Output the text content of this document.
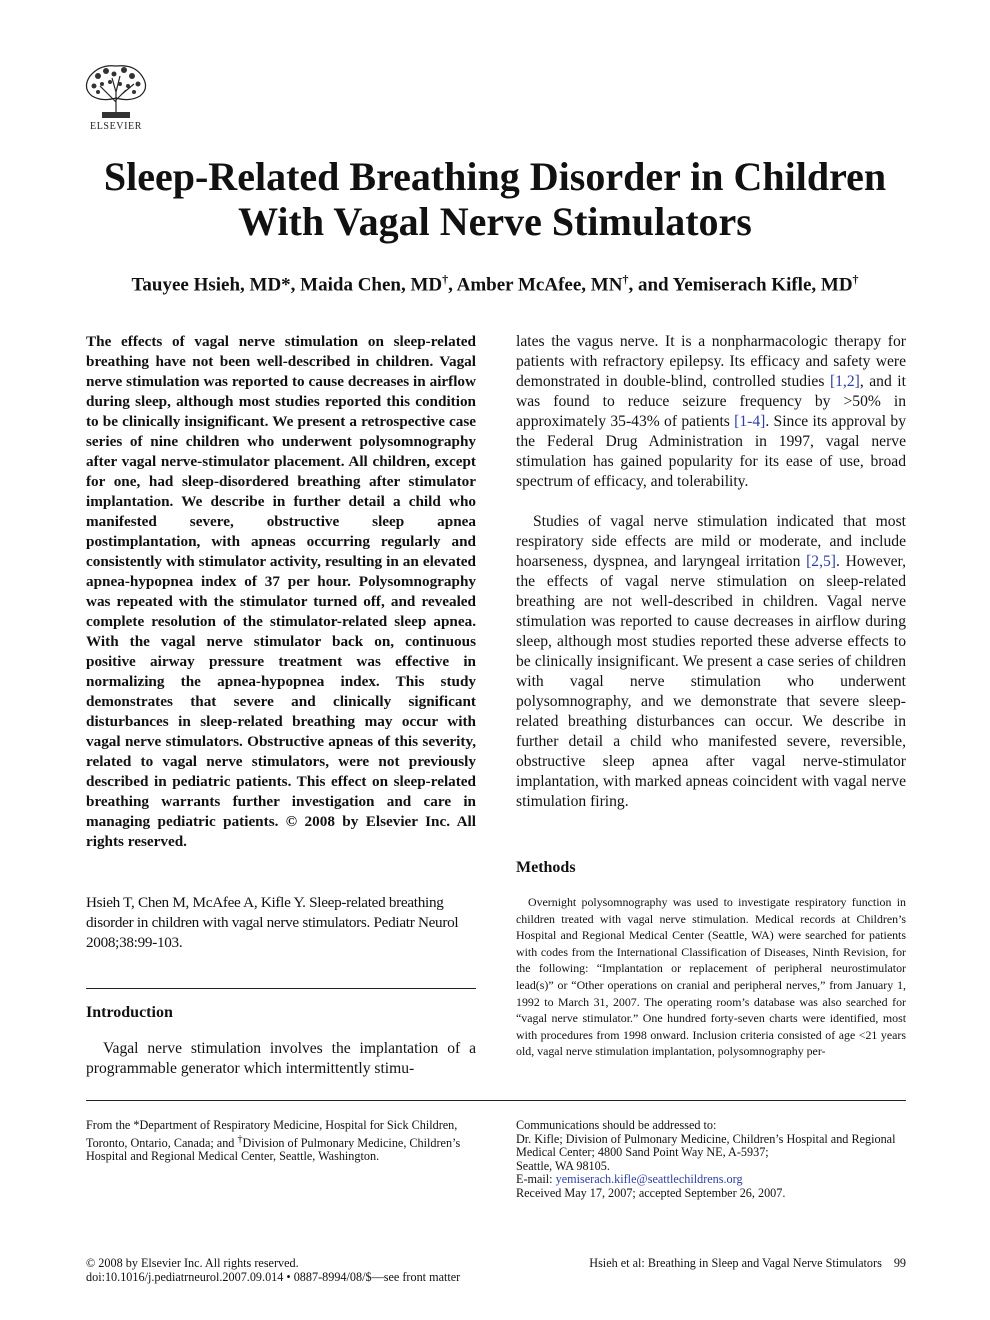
ELSEVIER
Sleep-Related Breathing Disorder in Children
With Vagal Nerve Stimulators
Tauyee Hsieh, MD*, Maida Chen, MD†, Amber McAfee, MN†, and Yemiserach Kifle, MD†
The effects of vagal nerve stimulation on sleep-related breathing have not been well-described in children. Vagal nerve stimulation was reported to cause decreases in airflow during sleep, although most studies reported this condition to be clinically insignificant. We present a retrospective case series of nine children who underwent polysomnography after vagal nerve-stimulator placement. All children, except for one, had sleep-disordered breathing after stimulator implantation. We describe in further detail a child who manifested severe, obstructive sleep apnea postimplantation, with apneas occurring regularly and consistently with stimulator activity, resulting in an elevated apnea-hypopnea index of 37 per hour. Polysomnography was repeated with the stimulator turned off, and revealed complete resolution of the stimulator-related sleep apnea. With the vagal nerve stimulator back on, continuous positive airway pressure treatment was effective in normalizing the apnea-hypopnea index. This study demonstrates that severe and clinically significant disturbances in sleep-related breathing may occur with vagal nerve stimulators. Obstructive apneas of this severity, related to vagal nerve stimulators, were not previously described in pediatric patients. This effect on sleep-related breathing warrants further investigation and care in managing pediatric patients. © 2008 by Elsevier Inc. All rights reserved.
Hsieh T, Chen M, McAfee A, Kifle Y. Sleep-related breathing disorder in children with vagal nerve stimulators. Pediatr Neurol 2008;38:99-103.
Introduction
Vagal nerve stimulation involves the implantation of a programmable generator which intermittently stimu-
lates the vagus nerve. It is a nonpharmacologic therapy for patients with refractory epilepsy. Its efficacy and safety were demonstrated in double-blind, controlled studies [1,2], and it was found to reduce seizure frequency by >50% in approximately 35-43% of patients [1-4]. Since its approval by the Federal Drug Administration in 1997, vagal nerve stimulation has gained popularity for its ease of use, broad spectrum of efficacy, and tolerability.
Studies of vagal nerve stimulation indicated that most respiratory side effects are mild or moderate, and include hoarseness, dyspnea, and laryngeal irritation [2,5]. However, the effects of vagal nerve stimulation on sleep-related breathing are not well-described in children. Vagal nerve stimulation was reported to cause decreases in airflow during sleep, although most studies reported these adverse effects to be clinically insignificant. We present a case series of children with vagal nerve stimulation who underwent polysomnography, and we demonstrate that severe sleep-related breathing disturbances can occur. We describe in further detail a child who manifested severe, reversible, obstructive sleep apnea after vagal nerve-stimulator implantation, with marked apneas coincident with vagal nerve stimulation firing.
Methods
Overnight polysomnography was used to investigate respiratory function in children treated with vagal nerve stimulation. Medical records at Children’s Hospital and Regional Medical Center (Seattle, WA) were searched for patients with codes from the International Classification of Diseases, Ninth Revision, for the following: “Implantation or replacement of peripheral neurostimulator lead(s)” or “Other operations on cranial and peripheral nerves,” from January 1, 1992 to March 31, 2007. The operating room’s database was also searched for “vagal nerve stimulator.” One hundred forty-seven charts were identified, most with procedures from 1998 onward. Inclusion criteria consisted of age <21 years old, vagal nerve stimulation implantation, polysomnography per-
From the *Department of Respiratory Medicine, Hospital for Sick Children, Toronto, Ontario, Canada; and †Division of Pulmonary Medicine, Children’s Hospital and Regional Medical Center, Seattle, Washington.
Communications should be addressed to:
Dr. Kifle; Division of Pulmonary Medicine, Children’s Hospital and Regional Medical Center; 4800 Sand Point Way NE, A-5937;
Seattle, WA 98105.
E-mail: yemiserach.kifle@seattlechildrens.org
Received May 17, 2007; accepted September 26, 2007.
© 2008 by Elsevier Inc. All rights reserved.
doi:10.1016/j.pediatrneurol.2007.09.014 • 0887-8994/08/$—see front matter
Hsieh et al: Breathing in Sleep and Vagal Nerve Stimulators 99
